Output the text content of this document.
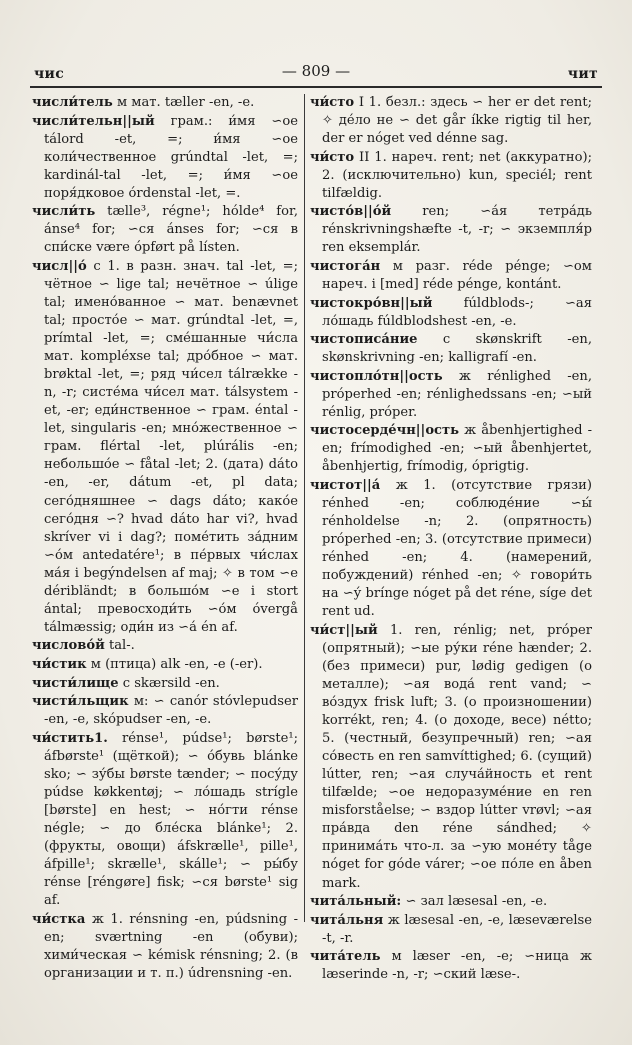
чис	— 809 —	чит

числи́тель м мат. tæller -en, -e.

числи́тельн||ый грам.: и́мя ∽ое tálord -et, =; и́мя ∽ое коли́чественное grúndtal -let, =; kardinál-tal -let, =; и́мя ∽ое поря́дковое órdenstal -let, =.

числи́ть tælle³, régne¹; hólde⁴ for, ánse⁴ for; ∽ся ánses for; ∽ся в спи́ске være ópført på lísten.

числ||о́ с 1. в разн. знач. tal -let, =; чётное ∽ lige tal; нечётное ∽ úlige tal; имено́ванное ∽ мат. benævnet tal; просто́е ∽ мат. grúndtal -let, =, prímtal -let, =; сме́шанные чи́сла мат. kompléxse tal; дро́бное ∽ мат. brøktal -let, =; ряд чи́сел tálrække -n, -r; систе́ма чи́сел мат. tálsystem -et, -er; еди́нственное ∽ грам. éntal -let, singularis -en; мно́жественное ∽ грам. flértal -let, plúrális -en; небольшо́е ∽ fåtal -let; 2. (дата) dáto -en, -er, dátum -et, pl data; сего́дняшнее ∽ dags dáto; како́е сего́дня ∽? hvad dáto har vi?, hvad skríver vi i dag?; поме́тить за́дним ∽о́м antedatére¹; в пе́рвых чи́слах ма́я i begýndelsen af maj; ✧ в том ∽е déribländt; в большо́м ∽е i stort ántal; превосходи́ть ∽о́м óvergå tálmæssig; оди́н из ∽а́ én af.

числово́й tal-.

чи́стик м (птица) alk -en, -e (-er).

чисти́лище с skærsild -en.

чисти́льщик м: ∽ canór stóvlepudser -en, -e, skópudser -en, -e.

чи́стить1. rénse¹, púdse¹; børste¹; áfbørste¹ (щёткой); ∽ о́бувь blánke sko; ∽ зу́бы børste tænder; ∽ посу́ду púdse køkkentøj; ∽ ло́шадь strígle [børste] en hest; ∽ но́гти rénse négle; ∽ до бле́ска blánke¹; 2. (фрукты, овощи) áfskrælle¹, pille¹, áfpille¹; skrælle¹, skálle¹; ∽ ры́бу rénse [réngøre] fisk; ∽ся børste¹ sig af.

чи́стка ж 1. rénsning -en, púdsning -en; sværtning -en (обуви); хими́ческая ∽ kémisk rénsning; 2. (в организации и т. п.) údrensning -en.

чи́сто I 1. безл.: здесь ∽ her er det rent; ✧ де́ло не ∽ det går íkke rigtig til her, der er nóget ved dénne sag.

чи́сто II 1. нареч. rent; net (аккуратно); 2. (исключительно) kun, speciél; rent tilfældig.

чисто́в||о́й ren; ∽а́я тетра́дь rénskrivningshæfte -t, -r; ∽ экземпля́р ren eksemplár.

чистога́н м разг. réde pénge; ∽ом нареч. i [med] réde pénge, kontánt.

чистокро́вн||ый fúldblods-; ∽ая ло́шадь fúldblodshest -en, -e.

чистописа́ние с skønskrift -en, skønskrivning -en; kalligrafí -en.

чистопло́тн||ость ж rénlighed -en, próperhed -en; rénlighedssans -en; ∽ый rénlig, próper.

чистосерде́чн||ость ж åbenhjertighed -en; frímodighed -en; ∽ый åbenhjertet, åbenhjertig, frímodig, óprigtig.

чистот||а́ ж 1. (отсутствие грязи) rénhed -en; соблюде́ние ∽ы́ rénholdelse -n; 2. (опрятность) próperhed -en; 3. (отсутствие примеси) rénhed -en; 4. (намерений, побуждений) rénhed -en; ✧ говори́ть на ∽у́ brínge nóget på det réne, síge det rent ud.

чи́ст||ый 1. ren, rénlig; net, próper (опрятный); ∽ые ру́ки réne hænder; 2. (без примеси) pur, lødig gedigen (о металле); ∽ая вода́ rent vand; ∽ во́здух frisk luft; 3. (о произношении) korrékt, ren; 4. (о доходе, весе) nétto; 5. (честный, безупречный) ren; ∽ая со́весть en ren samvíttighed; 6. (сущий) lútter, ren; ∽ая случа́йность et rent tilfælde; ∽ое недоразуме́ние en ren misforståelse; ∽ вздор lútter vrøvl; ∽ая пра́вда den réne sándhed; ✧ принима́ть что-л. за ∽ую моне́ту tåge nóget for góde várer; ∽ое по́ле en åben mark.

чита́льный: ∽ зал læsesal -en, -e.

чита́льня ж læsesal -en, -e, læseværelse -t, -r.

чита́тель м læser -en, -e; ∽ница ж læserinde -n, -r; ∽ский læse-.
